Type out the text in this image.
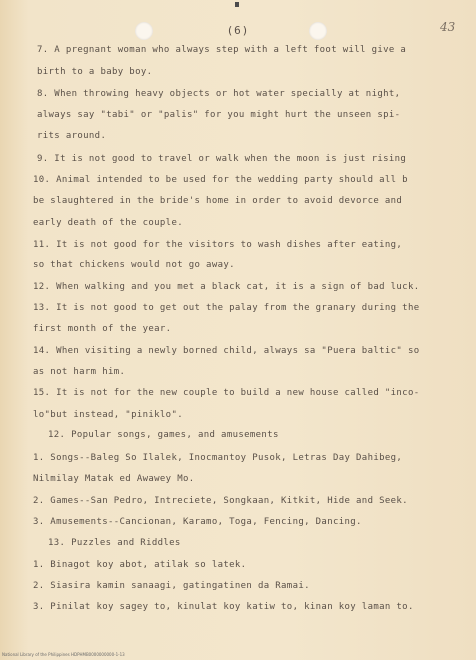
(6)	43
7. A pregnant woman who always step with a left foot will give a
birth to a baby boy.
8. When throwing heavy objects or hot water specially at night,
always say "tabi" or "palis" for you might hurt the unseen spi-
rits around.
9. It is not good to travel or walk when the moon is just rising
10. Animal intended to be used for the wedding party should all b
be slaughtered in the bride's home in order to avoid devorce and
early death of the couple.
11. It is not good for the visitors to wash dishes after eating,
so that chickens would not go away.
12. When walking and you met a black cat, it is a sign of bad luck.
13. It is not good to get out the palay from the granary during the
first month of the year.
14. When visiting a newly borned child, always sa "Puera baltic" so
as not harm him.
15. It is not for the new couple to build a new house called "inco-
lo"but instead, "piniklo".
12. Popular songs, games, and amusements
1. Songs--Baleg So Ilalek, Inocmantoy Pusok, Letras Day Dahibeg,
Nilmilay Matak ed Awawey Mo.
2. Games--San Pedro, Intreciete, Songkaan, Kitkit, Hide and Seek.
3. Amusements--Cancionan, Karamo, Toga, Fencing, Dancing.
13. Puzzles and Riddles
1. Binagot koy abot, atilak so latek.
2. Siasira kamin sanaagi, gatingatinen da Ramai.
3. Pinilat koy sagey to, kinulat koy katiw to, kinan koy laman to.
National Library of the Philippines HDPHMB0000000000-1-13
